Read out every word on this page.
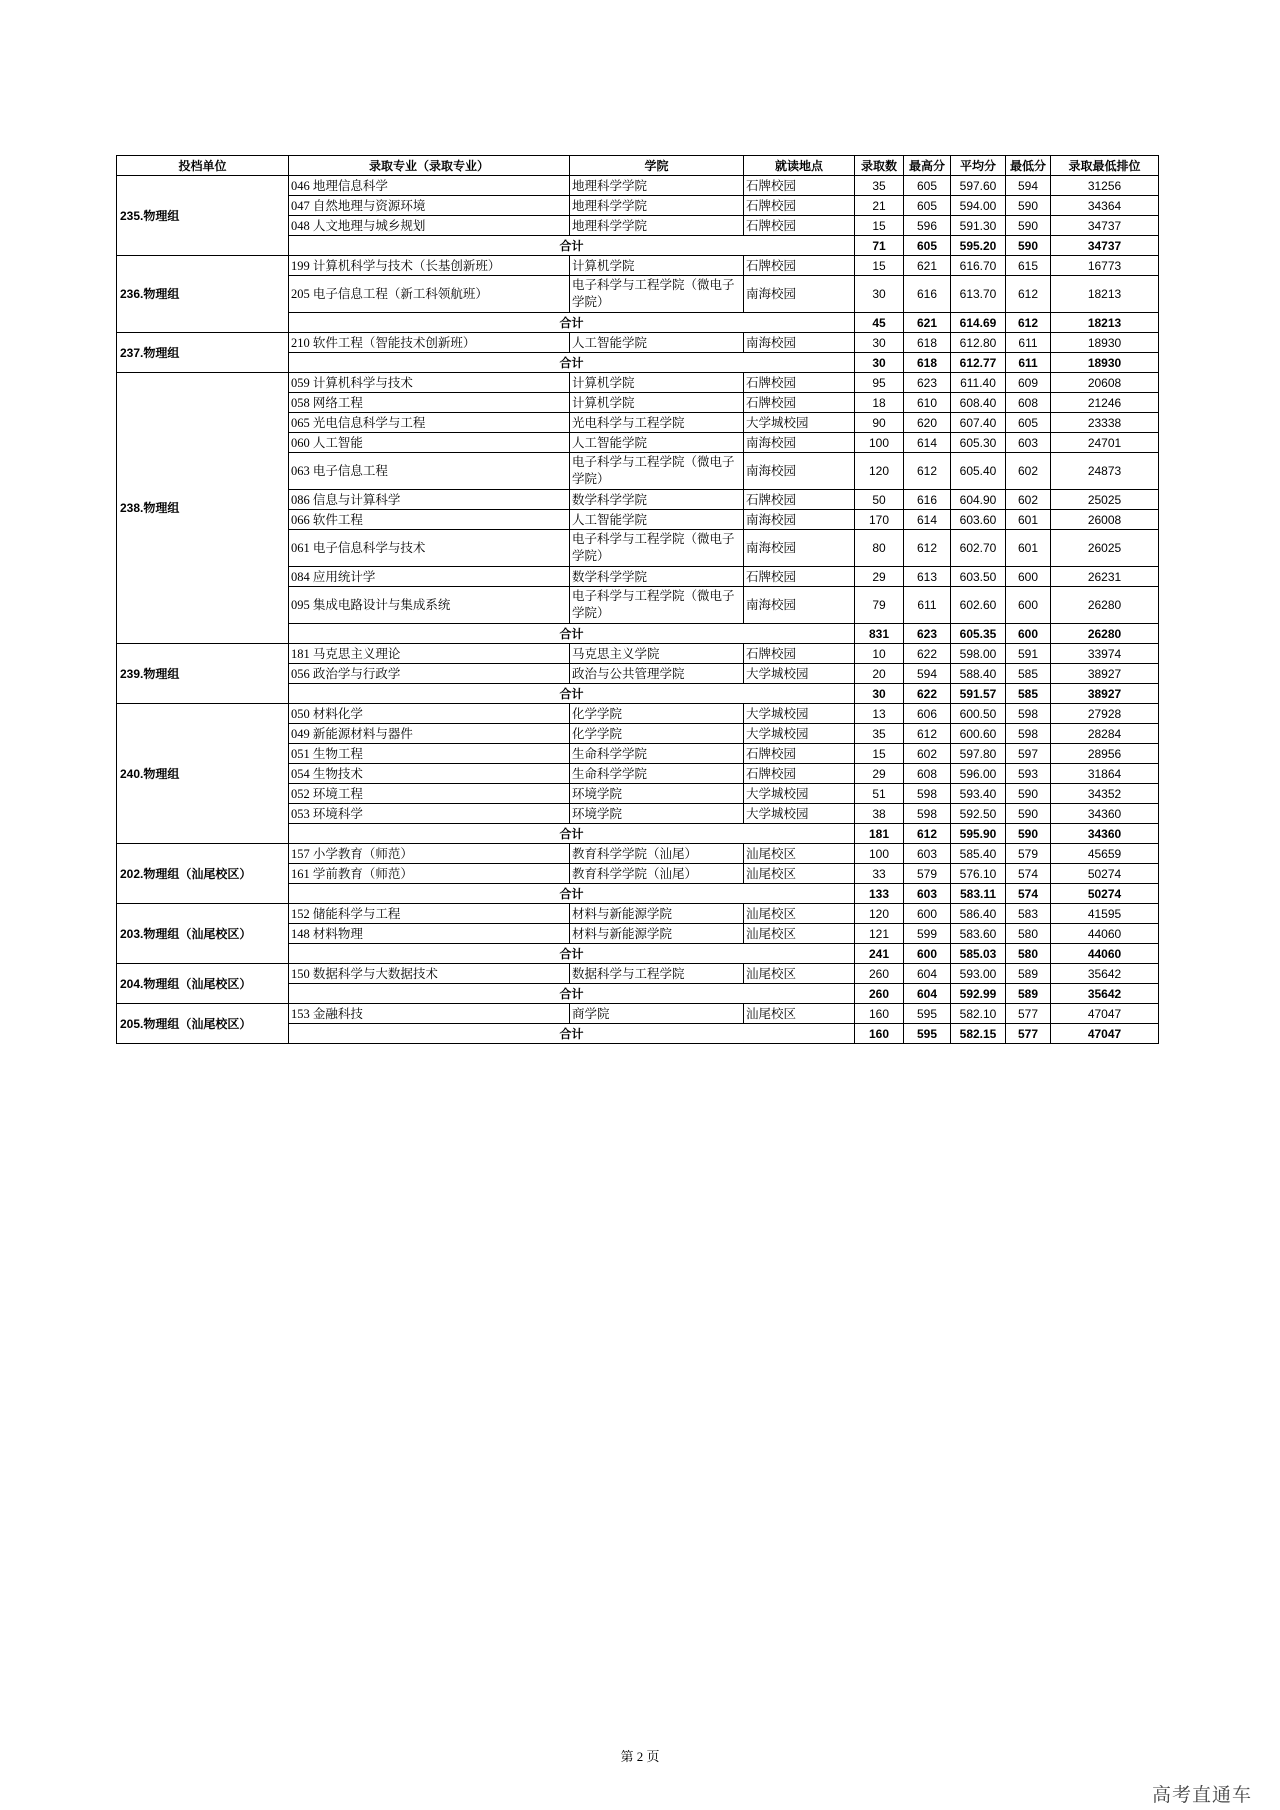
投档单位	录取专业（录取专业）	学院	就读地点	录取数	最高分	平均分	最低分	录取最低排位
235.物理组	046 地理信息科学	地理科学学院	石牌校园	35	605	597.60	594	31256
	047 自然地理与资源环境	地理科学学院	石牌校园	21	605	594.00	590	34364
	048 人文地理与城乡规划	地理科学学院	石牌校园	15	596	591.30	590	34737
	合计			71	605	595.20	590	34737
236.物理组	199 计算机科学与技术（长基创新班）	计算机学院	石牌校园	15	621	616.70	615	16773
	205 电子信息工程（新工科领航班）	电子科学与工程学院（微电子学院）	南海校园	30	616	613.70	612	18213
	合计			45	621	614.69	612	18213
237.物理组	210 软件工程（智能技术创新班）	人工智能学院	南海校园	30	618	612.80	611	18930
	合计			30	618	612.77	611	18930
238.物理组	059 计算机科学与技术	计算机学院	石牌校园	95	623	611.40	609	20608
	058 网络工程	计算机学院	石牌校园	18	610	608.40	608	21246
	065 光电信息科学与工程	光电科学与工程学院	大学城校园	90	620	607.40	605	23338
	060 人工智能	人工智能学院	南海校园	100	614	605.30	603	24701
	063 电子信息工程	电子科学与工程学院（微电子学院）	南海校园	120	612	605.40	602	24873
	086 信息与计算科学	数学科学学院	石牌校园	50	616	604.90	602	25025
	066 软件工程	人工智能学院	南海校园	170	614	603.60	601	26008
	061 电子信息科学与技术	电子科学与工程学院（微电子学院）	南海校园	80	612	602.70	601	26025
	084 应用统计学	数学科学学院	石牌校园	29	613	603.50	600	26231
	095 集成电路设计与集成系统	电子科学与工程学院（微电子学院）	南海校园	79	611	602.60	600	26280
	合计			831	623	605.35	600	26280
239.物理组	181 马克思主义理论	马克思主义学院	石牌校园	10	622	598.00	591	33974
	056 政治学与行政学	政治与公共管理学院	大学城校园	20	594	588.40	585	38927
	合计			30	622	591.57	585	38927
240.物理组	050 材料化学	化学学院	大学城校园	13	606	600.50	598	27928
	049 新能源材料与器件	化学学院	大学城校园	35	612	600.60	598	28284
	051 生物工程	生命科学学院	石牌校园	15	602	597.80	597	28956
	054 生物技术	生命科学学院	石牌校园	29	608	596.00	593	31864
	052 环境工程	环境学院	大学城校园	51	598	593.40	590	34352
	053 环境科学	环境学院	大学城校园	38	598	592.50	590	34360
	合计			181	612	595.90	590	34360
202.物理组（汕尾校区）	157 小学教育（师范）	教育科学学院（汕尾）	汕尾校区	100	603	585.40	579	45659
	161 学前教育（师范）	教育科学学院（汕尾）	汕尾校区	33	579	576.10	574	50274
	合计			133	603	583.11	574	50274
203.物理组（汕尾校区）	152 储能科学与工程	材料与新能源学院	汕尾校区	120	600	586.40	583	41595
	148 材料物理	材料与新能源学院	汕尾校区	121	599	583.60	580	44060
	合计			241	600	585.03	580	44060
204.物理组（汕尾校区）	150 数据科学与大数据技术	数据科学与工程学院	汕尾校区	260	604	593.00	589	35642
	合计			260	604	592.99	589	35642
205.物理组（汕尾校区）	153 金融科技	商学院	汕尾校区	160	595	582.10	577	47047
	合计			160	595	582.15	577	47047
第 2 页
高考直通车
